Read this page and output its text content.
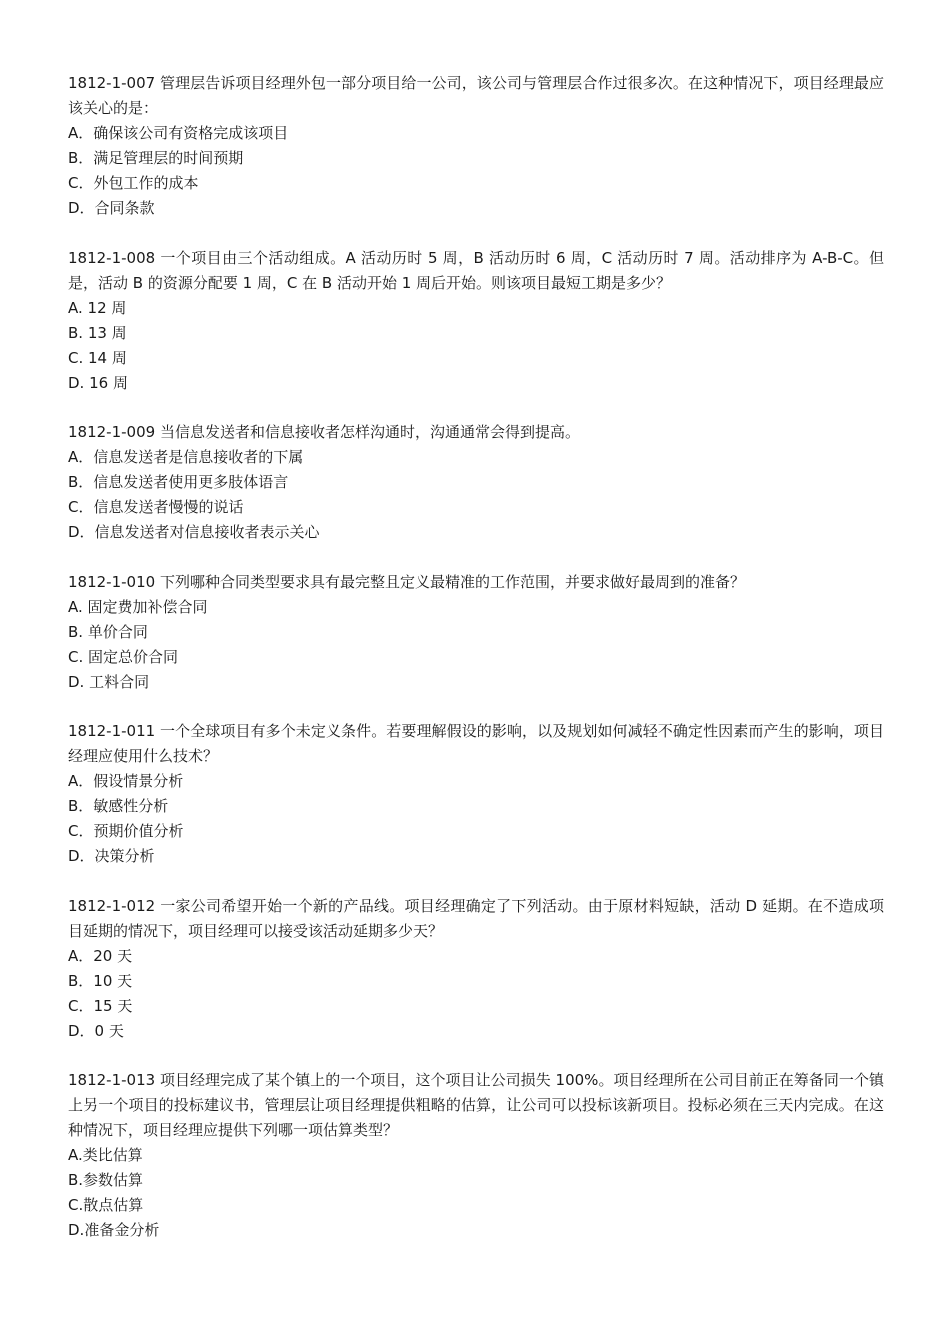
1812-1-007 管理层告诉项目经理外包一部分项目给一公司，该公司与管理层合作过很多次。在这种情况下，项目经理最应该关心的是：

A．确保该公司有资格完成该项目

B．满足管理层的时间预期

C．外包工作的成本

D．合同条款

1812-1-008 一个项目由三个活动组成。A 活动历时 5 周，B 活动历时 6 周，C 活动历时 7 周。活动排序为 A-B-C。但是，活动 B 的资源分配要 1 周，C 在 B 活动开始 1 周后开始。则该项目最短工期是多少？

A. 12 周

B. 13 周

C. 14 周

D. 16 周

1812-1-009 当信息发送者和信息接收者怎样沟通时，沟通通常会得到提高。

A．信息发送者是信息接收者的下属

B．信息发送者使用更多肢体语言

C．信息发送者慢慢的说话

D．信息发送者对信息接收者表示关心

1812-1-010 下列哪种合同类型要求具有最完整且定义最精准的工作范围，并要求做好最周到的准备？

A. 固定费加补偿合同

B. 单价合同

C. 固定总价合同

D. 工料合同

1812-1-011 一个全球项目有多个未定义条件。若要理解假设的影响，以及规划如何减轻不确定性因素而产生的影响，项目经理应使用什么技术？

A．假设情景分析

B．敏感性分析

C．预期价值分析

D．决策分析

1812-1-012 一家公司希望开始一个新的产品线。项目经理确定了下列活动。由于原材料短缺，活动 D 延期。在不造成项目延期的情况下，项目经理可以接受该活动延期多少天？

A．20 天

B．10 天

C．15 天

D．0 天

1812-1-013 项目经理完成了某个镇上的一个项目，这个项目让公司损失 100%。项目经理所在公司目前正在筹备同一个镇上另一个项目的投标建议书，管理层让项目经理提供粗略的估算，让公司可以投标该新项目。投标必须在三天内完成。在这种情况下，项目经理应提供下列哪一项估算类型？

A.类比估算

B.参数估算

C.散点估算

D.准备金分析
